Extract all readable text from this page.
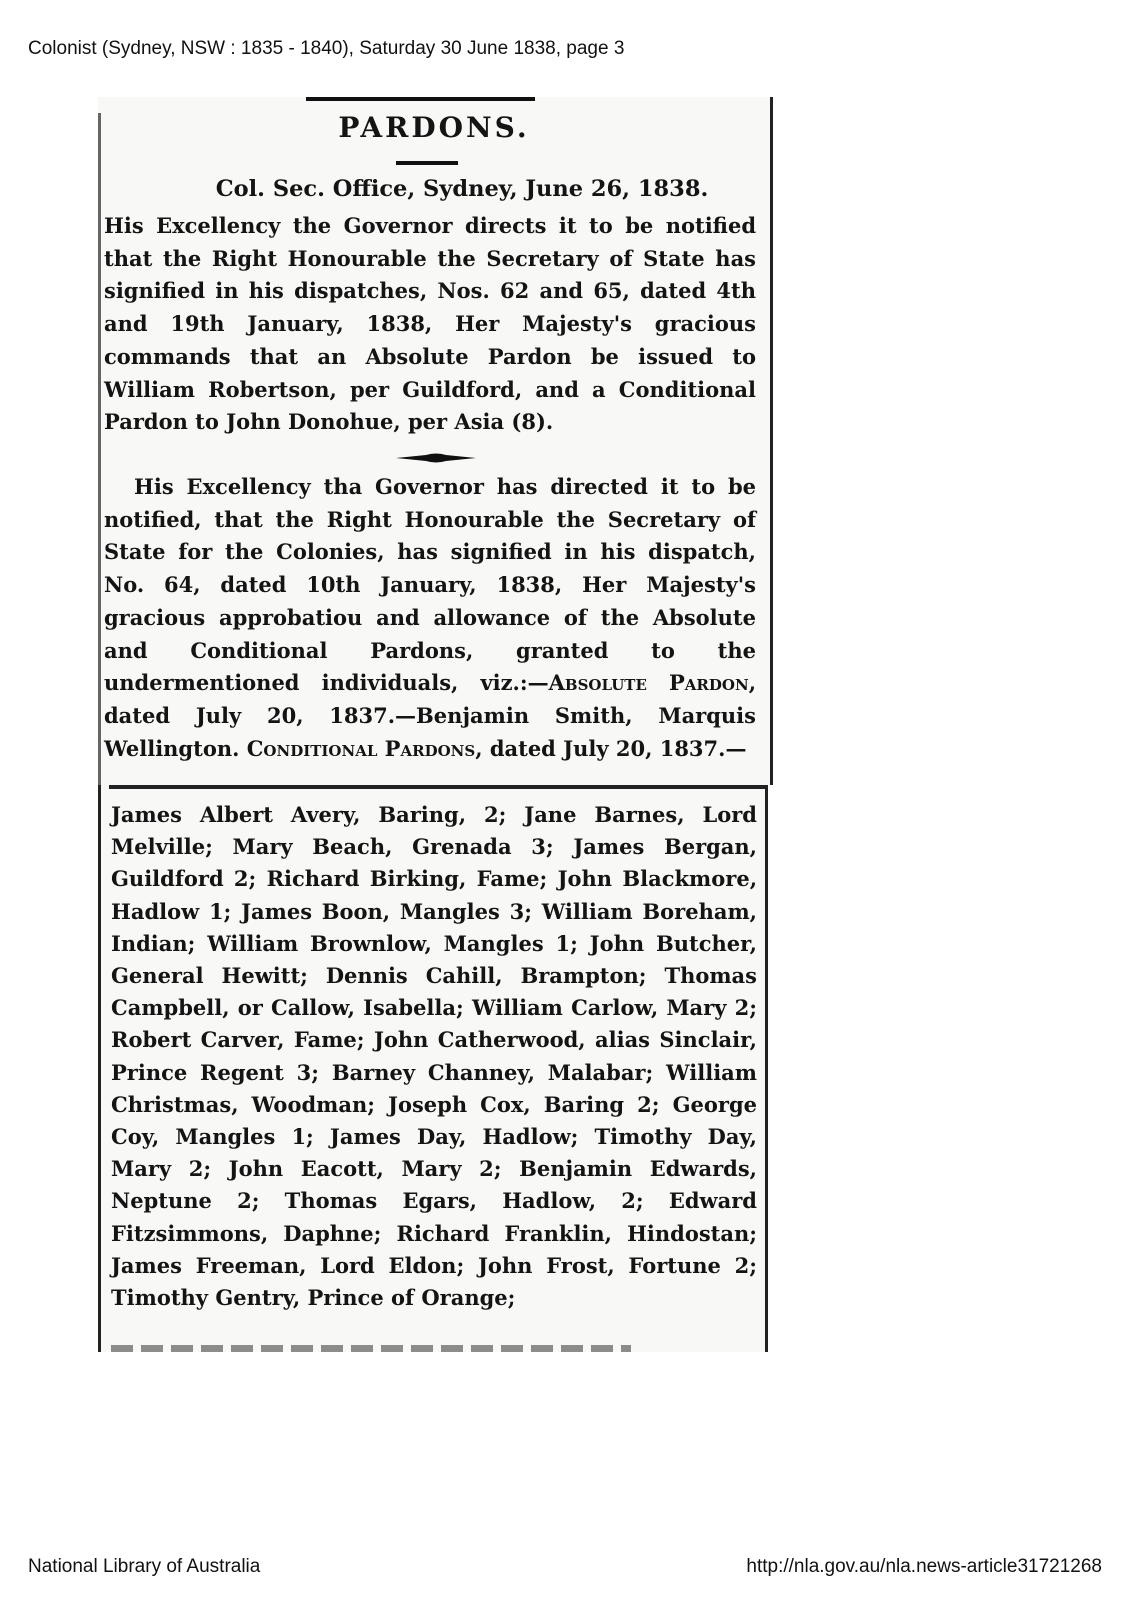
Colonist (Sydney, NSW : 1835 - 1840), Saturday 30 June 1838, page 3
PARDONS.
Col. Sec. Office, Sydney, June 26, 1838.
His Excellency the Governor directs it to be notified that the Right Honourable the Secretary of State has signified in his dispatches, Nos. 62 and 65, dated 4th and 19th January, 1838, Her Majesty's gracious commands that an Absolute Pardon be issued to William Robertson, per Guildford, and a Conditional Pardon to John Donohue, per Asia (8).
His Excellency tha Governor has directed it to be notified, that the Right Honourable the Secretary of State for the Colonies, has signified in his dispatch, No. 64, dated 10th January, 1838, Her Majesty's gracious approbatiou and allowance of the Absolute and Conditional Pardons, granted to the undermentioned individuals, viz.:—Absolute Pardon, dated July 20, 1837.—Benjamin Smith, Marquis Wellington. Conditional Pardons, dated July 20, 1837.—
James Albert Avery, Baring, 2; Jane Barnes, Lord Melville; Mary Beach, Grenada 3; James Bergan, Guildford 2; Richard Birking, Fame; John Blackmore, Hadlow 1; James Boon, Mangles 3; William Boreham, Indian; William Brownlow, Mangles 1; John Butcher, General Hewitt; Dennis Cahill, Brampton; Thomas Campbell, or Callow, Isabella; William Carlow, Mary 2; Robert Carver, Fame; John Catherwood, alias Sinclair, Prince Regent 3; Barney Channey, Malabar; William Christmas, Woodman; Joseph Cox, Baring 2; George Coy, Mangles 1; James Day, Hadlow; Timothy Day, Mary 2; John Eacott, Mary 2; Benjamin Edwards, Neptune 2; Thomas Egars, Hadlow, 2; Edward Fitzsimmons, Daphne; Richard Franklin, Hindostan; James Freeman, Lord Eldon; John Frost, Fortune 2; Timothy Gentry, Prince of Orange;
National Library of Australia	http://nla.gov.au/nla.news-article31721268
